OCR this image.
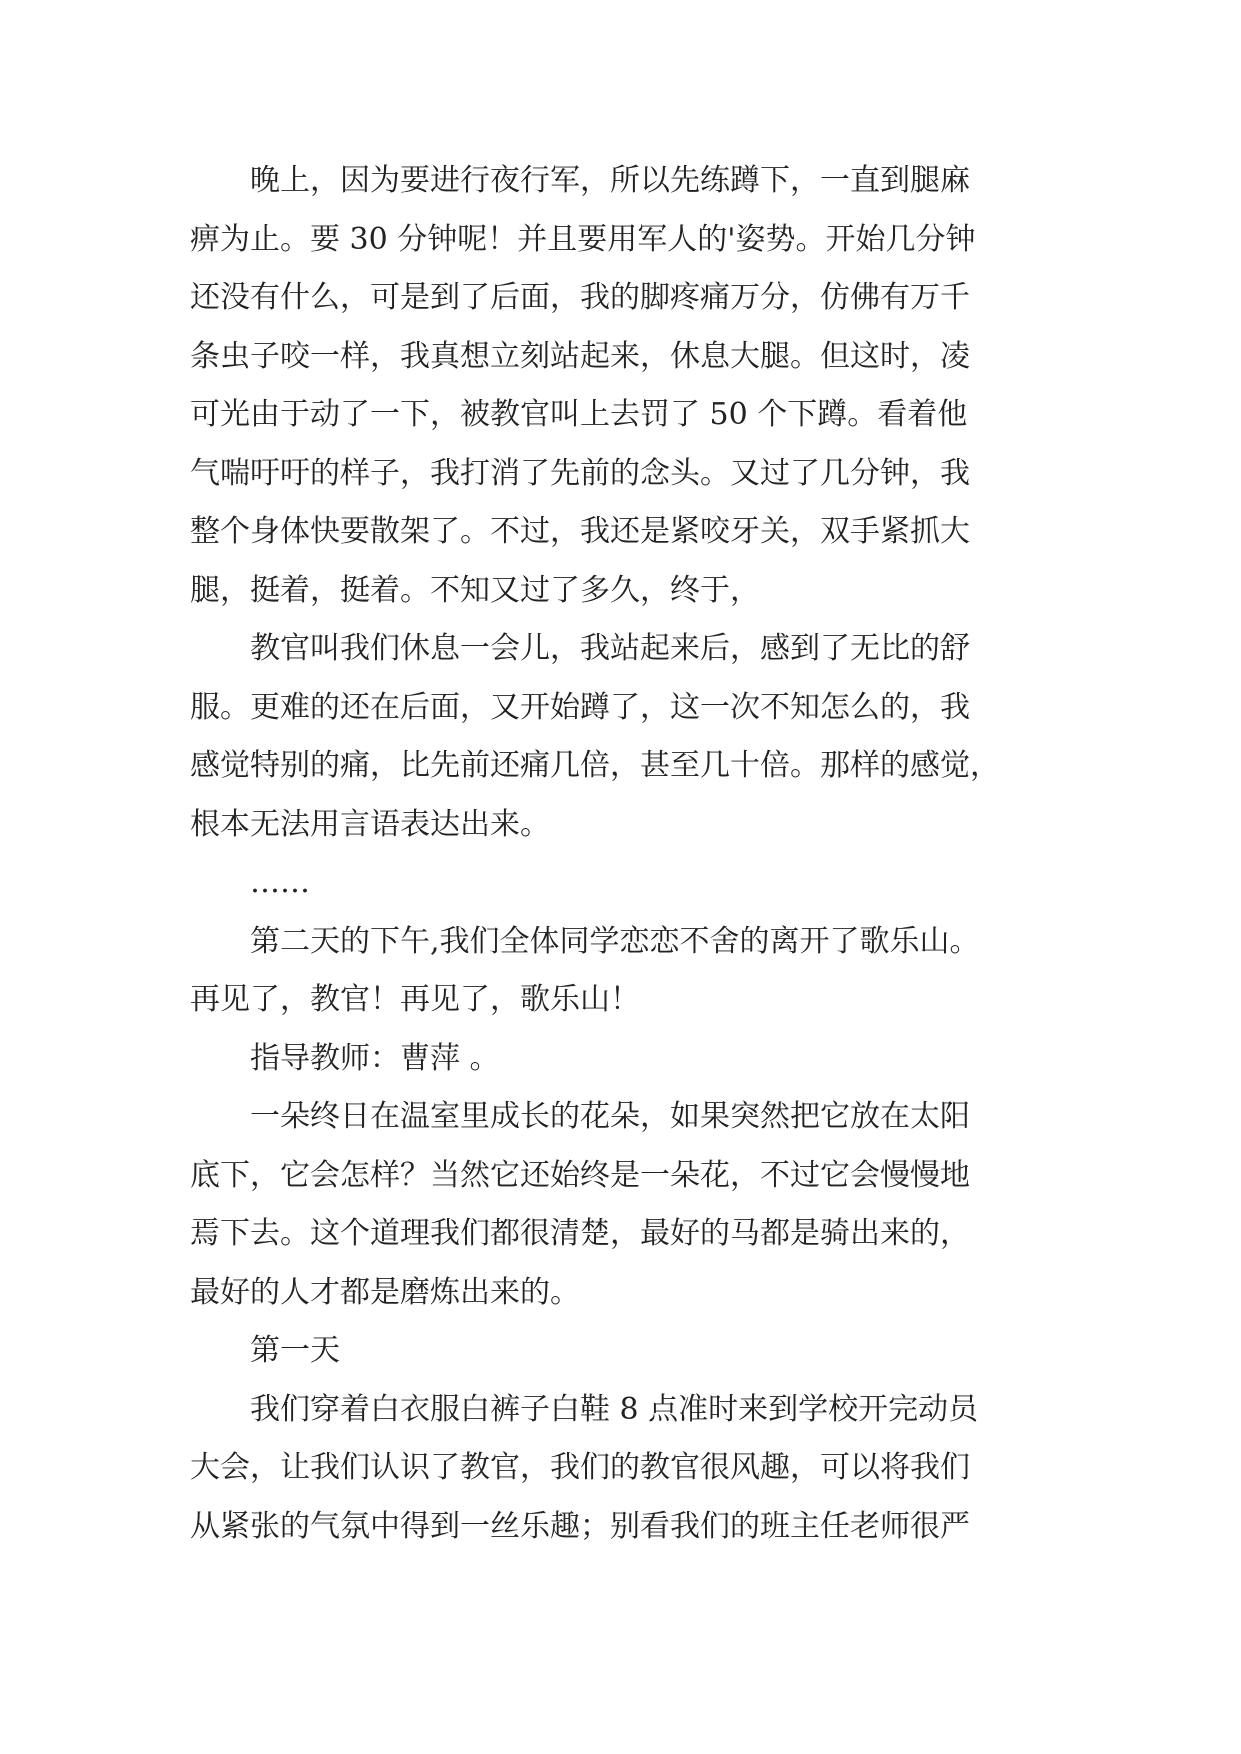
晚上，因为要进行夜行军，所以先练蹲下，一直到腿麻
痹为止。要 30 分钟呢！并且要用军人的'姿势。开始几分钟
还没有什么，可是到了后面，我的脚疼痛万分，仿佛有万千
条虫子咬一样，我真想立刻站起来，休息大腿。但这时，凌
可光由于动了一下，被教官叫上去罚了 50 个下蹲。看着他
气喘吁吁的样子，我打消了先前的念头。又过了几分钟，我
整个身体快要散架了。不过，我还是紧咬牙关，双手紧抓大
腿，挺着，挺着。不知又过了多久，终于，
教官叫我们休息一会儿，我站起来后，感到了无比的舒
服。更难的还在后面，又开始蹲了，这一次不知怎么的，我
感觉特别的痛，比先前还痛几倍，甚至几十倍。那样的感觉，
根本无法用言语表达出来。
……
第二天的下午,我们全体同学恋恋不舍的离开了歌乐山。
再见了，教官！再见了，歌乐山！
指导教师：曹萍 。
一朵终日在温室里成长的花朵，如果突然把它放在太阳
底下，它会怎样？当然它还始终是一朵花，不过它会慢慢地
焉下去。这个道理我们都很清楚，最好的马都是骑出来的，
最好的人才都是磨炼出来的。
第一天
我们穿着白衣服白裤子白鞋 8 点准时来到学校开完动员
大会，让我们认识了教官，我们的教官很风趣，可以将我们
从紧张的气氛中得到一丝乐趣；别看我们的班主任老师很严
